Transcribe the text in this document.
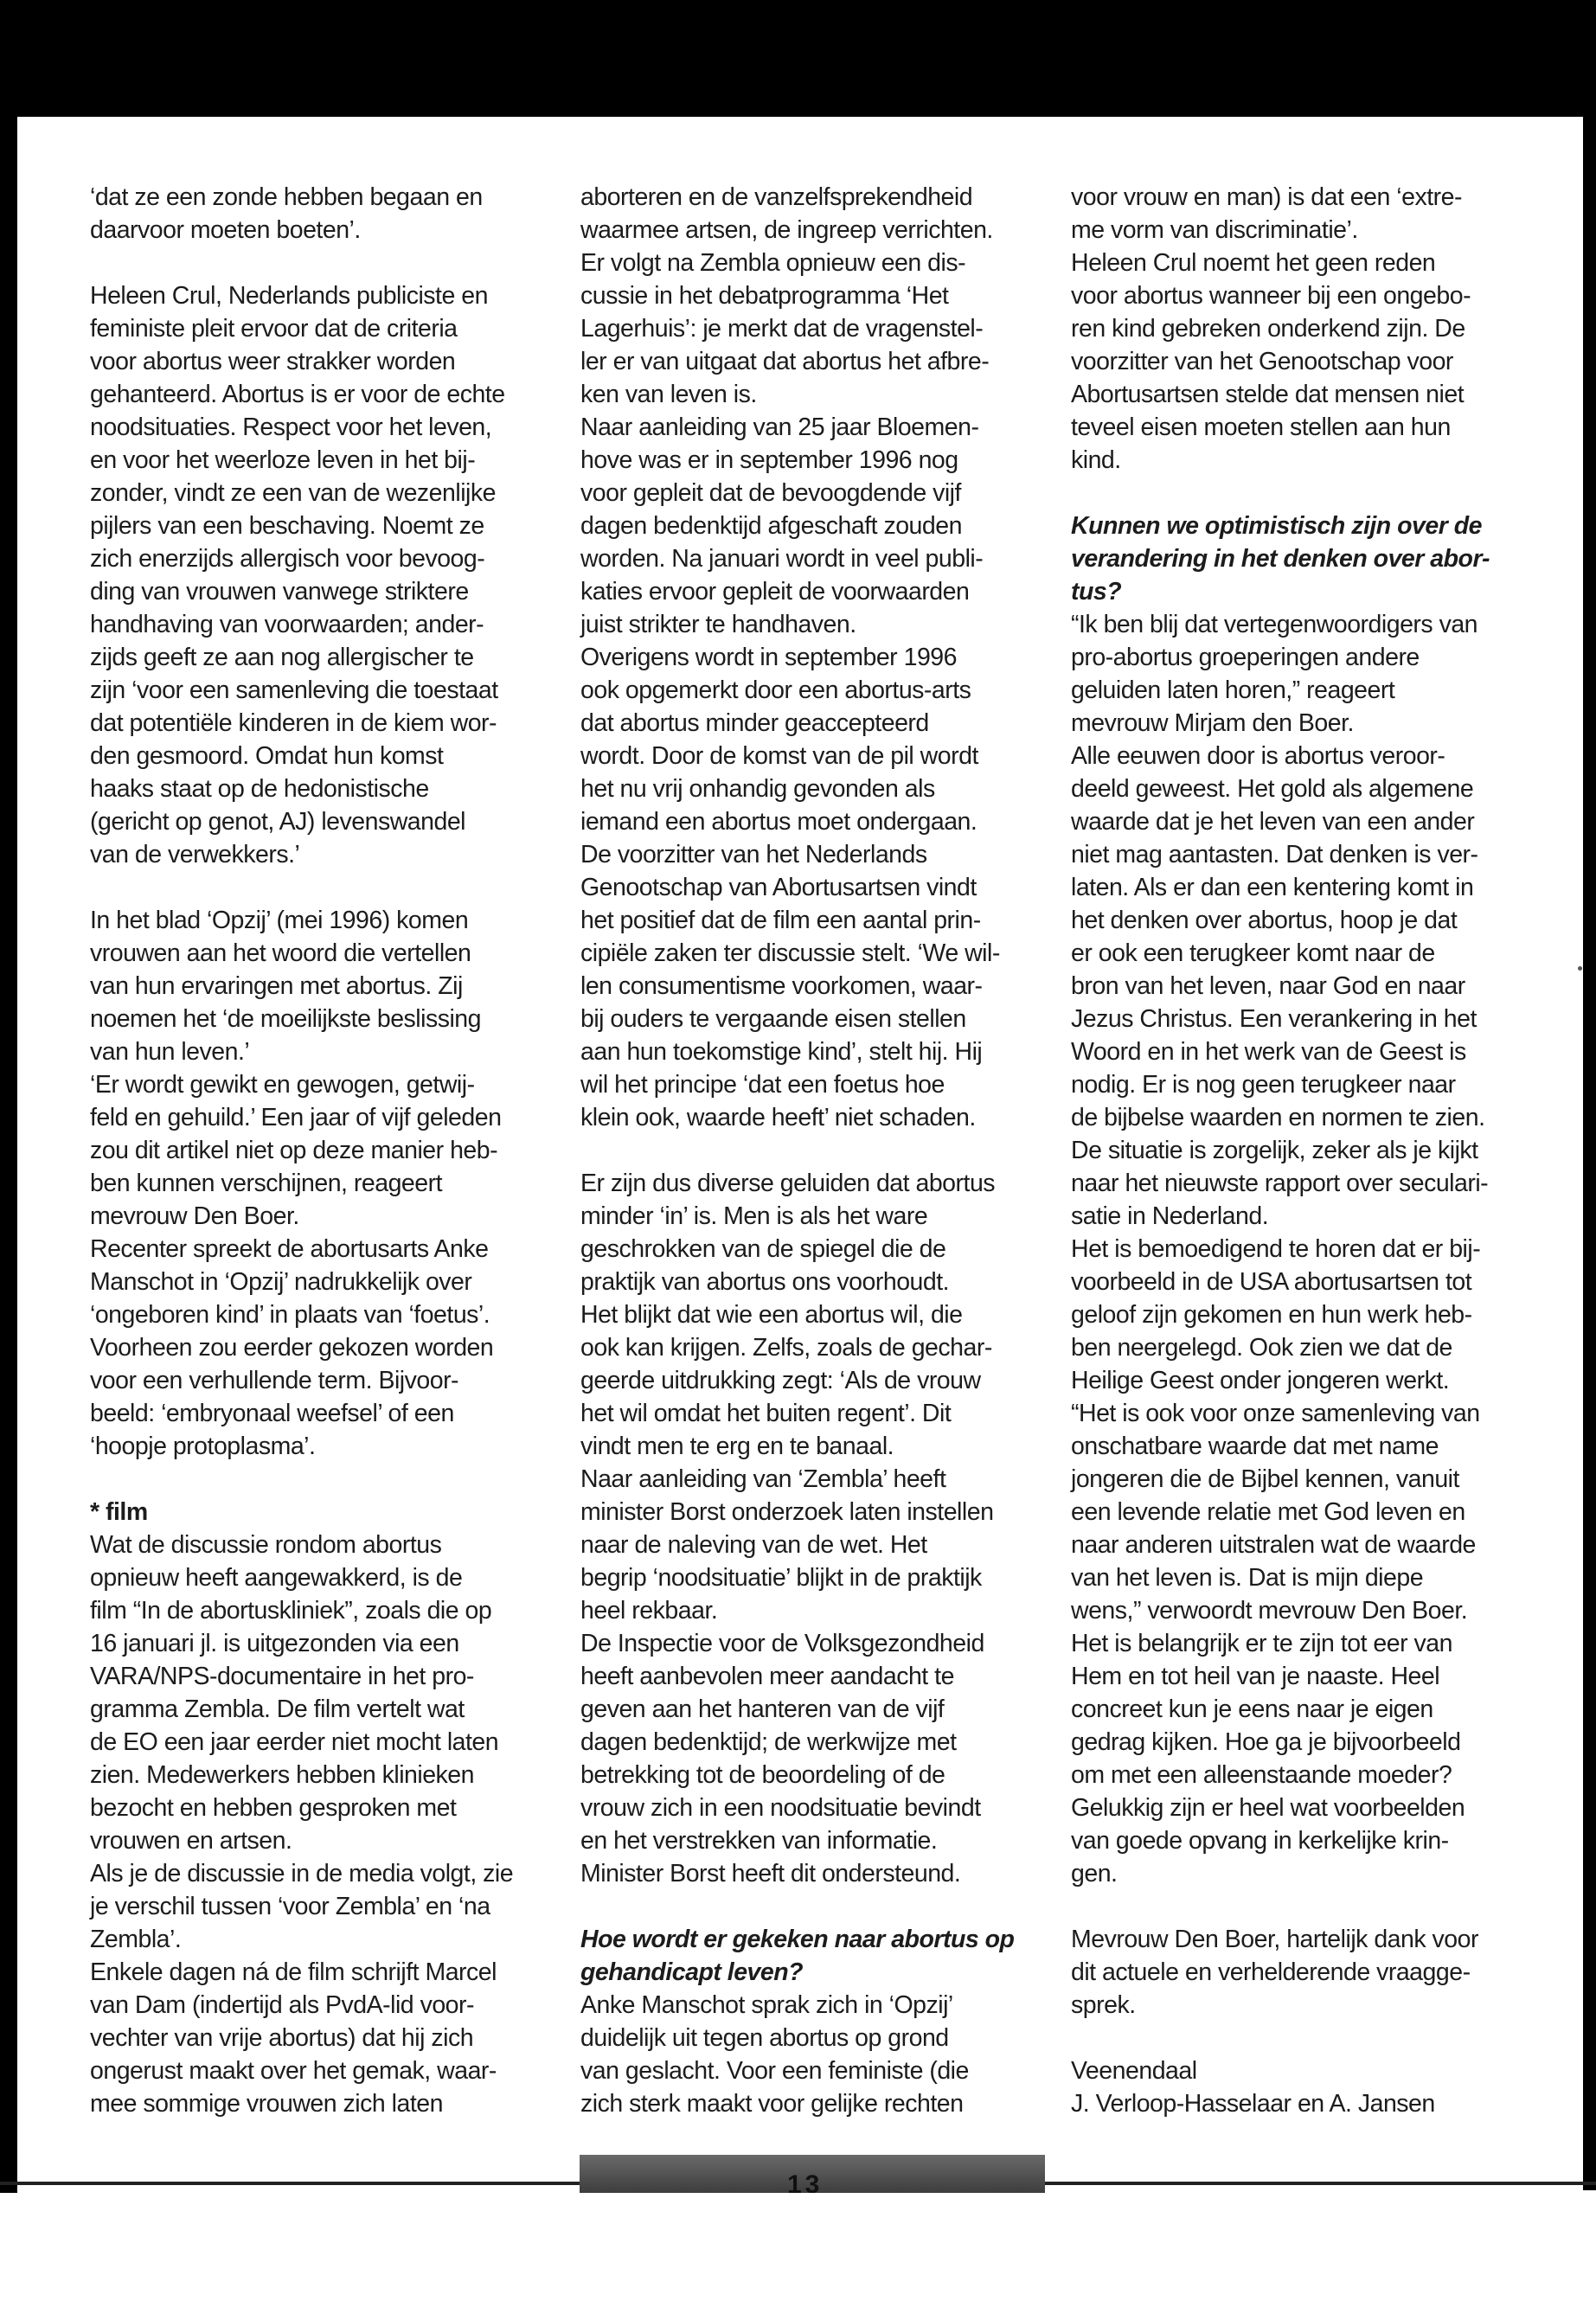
‘dat ze een zonde hebben begaan en
daarvoor moeten boeten’.
Heleen Crul, Nederlands publiciste en
feministe pleit ervoor dat de criteria
voor abortus weer strakker worden
gehanteerd. Abortus is er voor de echte
noodsituaties. Respect voor het leven,
en voor het weerloze leven in het bij-
zonder, vindt ze een van de wezenlijke
pijlers van een beschaving. Noemt ze
zich enerzijds allergisch voor bevoog-
ding van vrouwen vanwege striktere
handhaving van voorwaarden; ander-
zijds geeft ze aan nog allergischer te
zijn ‘voor een samenleving die toestaat
dat potentiële kinderen in de kiem wor-
den gesmoord. Omdat hun komst
haaks staat op de hedonistische
(gericht op genot, AJ) levenswandel
van de verwekkers.’
In het blad ‘Opzij’ (mei 1996) komen
vrouwen aan het woord die vertellen
van hun ervaringen met abortus. Zij
noemen het ‘de moeilijkste beslissing
van hun leven.’
‘Er wordt gewikt en gewogen, getwij-
feld en gehuild.’ Een jaar of vijf geleden
zou dit artikel niet op deze manier heb-
ben kunnen verschijnen, reageert
mevrouw Den Boer.
Recenter spreekt de abortusarts Anke
Manschot in ‘Opzij’ nadrukkelijk over
‘ongeboren kind’ in plaats van ‘foetus’.
Voorheen zou eerder gekozen worden
voor een verhullende term. Bijvoor-
beeld: ‘embryonaal weefsel’ of een
‘hoopje protoplasma’.
* film
Wat de discussie rondom abortus
opnieuw heeft aangewakkerd, is de
film “In de abortuskliniek”, zoals die op
16 januari jl. is uitgezonden via een
VARA/NPS-documentaire in het pro-
gramma Zembla. De film vertelt wat
de EO een jaar eerder niet mocht laten
zien. Medewerkers hebben klinieken
bezocht en hebben gesproken met
vrouwen en artsen.
Als je de discussie in de media volgt, zie
je verschil tussen ‘voor Zembla’ en ‘na
Zembla’.
Enkele dagen ná de film schrijft Marcel
van Dam (indertijd als PvdA-lid voor-
vechter van vrije abortus) dat hij zich
ongerust maakt over het gemak, waar-
mee sommige vrouwen zich laten
aborteren en de vanzelfsprekendheid
waarmee artsen, de ingreep verrichten.
Er volgt na Zembla opnieuw een dis-
cussie in het debatprogramma ‘Het
Lagerhuis’: je merkt dat de vragenstel-
ler er van uitgaat dat abortus het afbre-
ken van leven is.
Naar aanleiding van 25 jaar Bloemen-
hove was er in september 1996 nog
voor gepleit dat de bevoogdende vijf
dagen bedenktijd afgeschaft zouden
worden. Na januari wordt in veel publi-
katies ervoor gepleit de voorwaarden
juist strikter te handhaven.
Overigens wordt in september 1996
ook opgemerkt door een abortus-arts
dat abortus minder geaccepteerd
wordt. Door de komst van de pil wordt
het nu vrij onhandig gevonden als
iemand een abortus moet ondergaan.
De voorzitter van het Nederlands
Genootschap van Abortusartsen vindt
het positief dat de film een aantal prin-
cipiële zaken ter discussie stelt. ‘We wil-
len consumentisme voorkomen, waar-
bij ouders te vergaande eisen stellen
aan hun toekomstige kind’, stelt hij. Hij
wil het principe ‘dat een foetus hoe
klein ook, waarde heeft’ niet schaden.
Er zijn dus diverse geluiden dat abortus
minder ‘in’ is. Men is als het ware
geschrokken van de spiegel die de
praktijk van abortus ons voorhoudt.
Het blijkt dat wie een abortus wil, die
ook kan krijgen. Zelfs, zoals de gechar-
geerde uitdrukking zegt: ‘Als de vrouw
het wil omdat het buiten regent’. Dit
vindt men te erg en te banaal.
Naar aanleiding van ‘Zembla’ heeft
minister Borst onderzoek laten instellen
naar de naleving van de wet. Het
begrip ‘noodsituatie’ blijkt in de praktijk
heel rekbaar.
De Inspectie voor de Volksgezondheid
heeft aanbevolen meer aandacht te
geven aan het hanteren van de vijf
dagen bedenktijd; de werkwijze met
betrekking tot de beoordeling of de
vrouw zich in een noodsituatie bevindt
en het verstrekken van informatie.
Minister Borst heeft dit ondersteund.
Hoe wordt er gekeken naar abortus op
gehandicapt leven?
Anke Manschot sprak zich in ‘Opzij’
duidelijk uit tegen abortus op grond
van geslacht. Voor een feministe (die
zich sterk maakt voor gelijke rechten
voor vrouw en man) is dat een ‘extre-
me vorm van discriminatie’.
Heleen Crul noemt het geen reden
voor abortus wanneer bij een ongebo-
ren kind gebreken onderkend zijn. De
voorzitter van het Genootschap voor
Abortusartsen stelde dat mensen niet
teveel eisen moeten stellen aan hun
kind.
Kunnen we optimistisch zijn over de
verandering in het denken over abor-
tus?
“Ik ben blij dat vertegenwoordigers van
pro-abortus groeperingen andere
geluiden laten horen,” reageert
mevrouw Mirjam den Boer.
Alle eeuwen door is abortus veroor-
deeld geweest. Het gold als algemene
waarde dat je het leven van een ander
niet mag aantasten. Dat denken is ver-
laten. Als er dan een kentering komt in
het denken over abortus, hoop je dat
er ook een terugkeer komt naar de
bron van het leven, naar God en naar
Jezus Christus. Een verankering in het
Woord en in het werk van de Geest is
nodig. Er is nog geen terugkeer naar
de bijbelse waarden en normen te zien.
De situatie is zorgelijk, zeker als je kijkt
naar het nieuwste rapport over seculari-
satie in Nederland.
Het is bemoedigend te horen dat er bij-
voorbeeld in de USA abortusartsen tot
geloof zijn gekomen en hun werk heb-
ben neergelegd. Ook zien we dat de
Heilige Geest onder jongeren werkt.
“Het is ook voor onze samenleving van
onschatbare waarde dat met name
jongeren die de Bijbel kennen, vanuit
een levende relatie met God leven en
naar anderen uitstralen wat de waarde
van het leven is. Dat is mijn diepe
wens,” verwoordt mevrouw Den Boer.
Het is belangrijk er te zijn tot eer van
Hem en tot heil van je naaste. Heel
concreet kun je eens naar je eigen
gedrag kijken. Hoe ga je bijvoorbeeld
om met een alleenstaande moeder?
Gelukkig zijn er heel wat voorbeelden
van goede opvang in kerkelijke krin-
gen.
Mevrouw Den Boer, hartelijk dank voor
dit actuele en verhelderende vraagge-
sprek.
Veenendaal
J. Verloop-Hasselaar en A. Jansen
13
